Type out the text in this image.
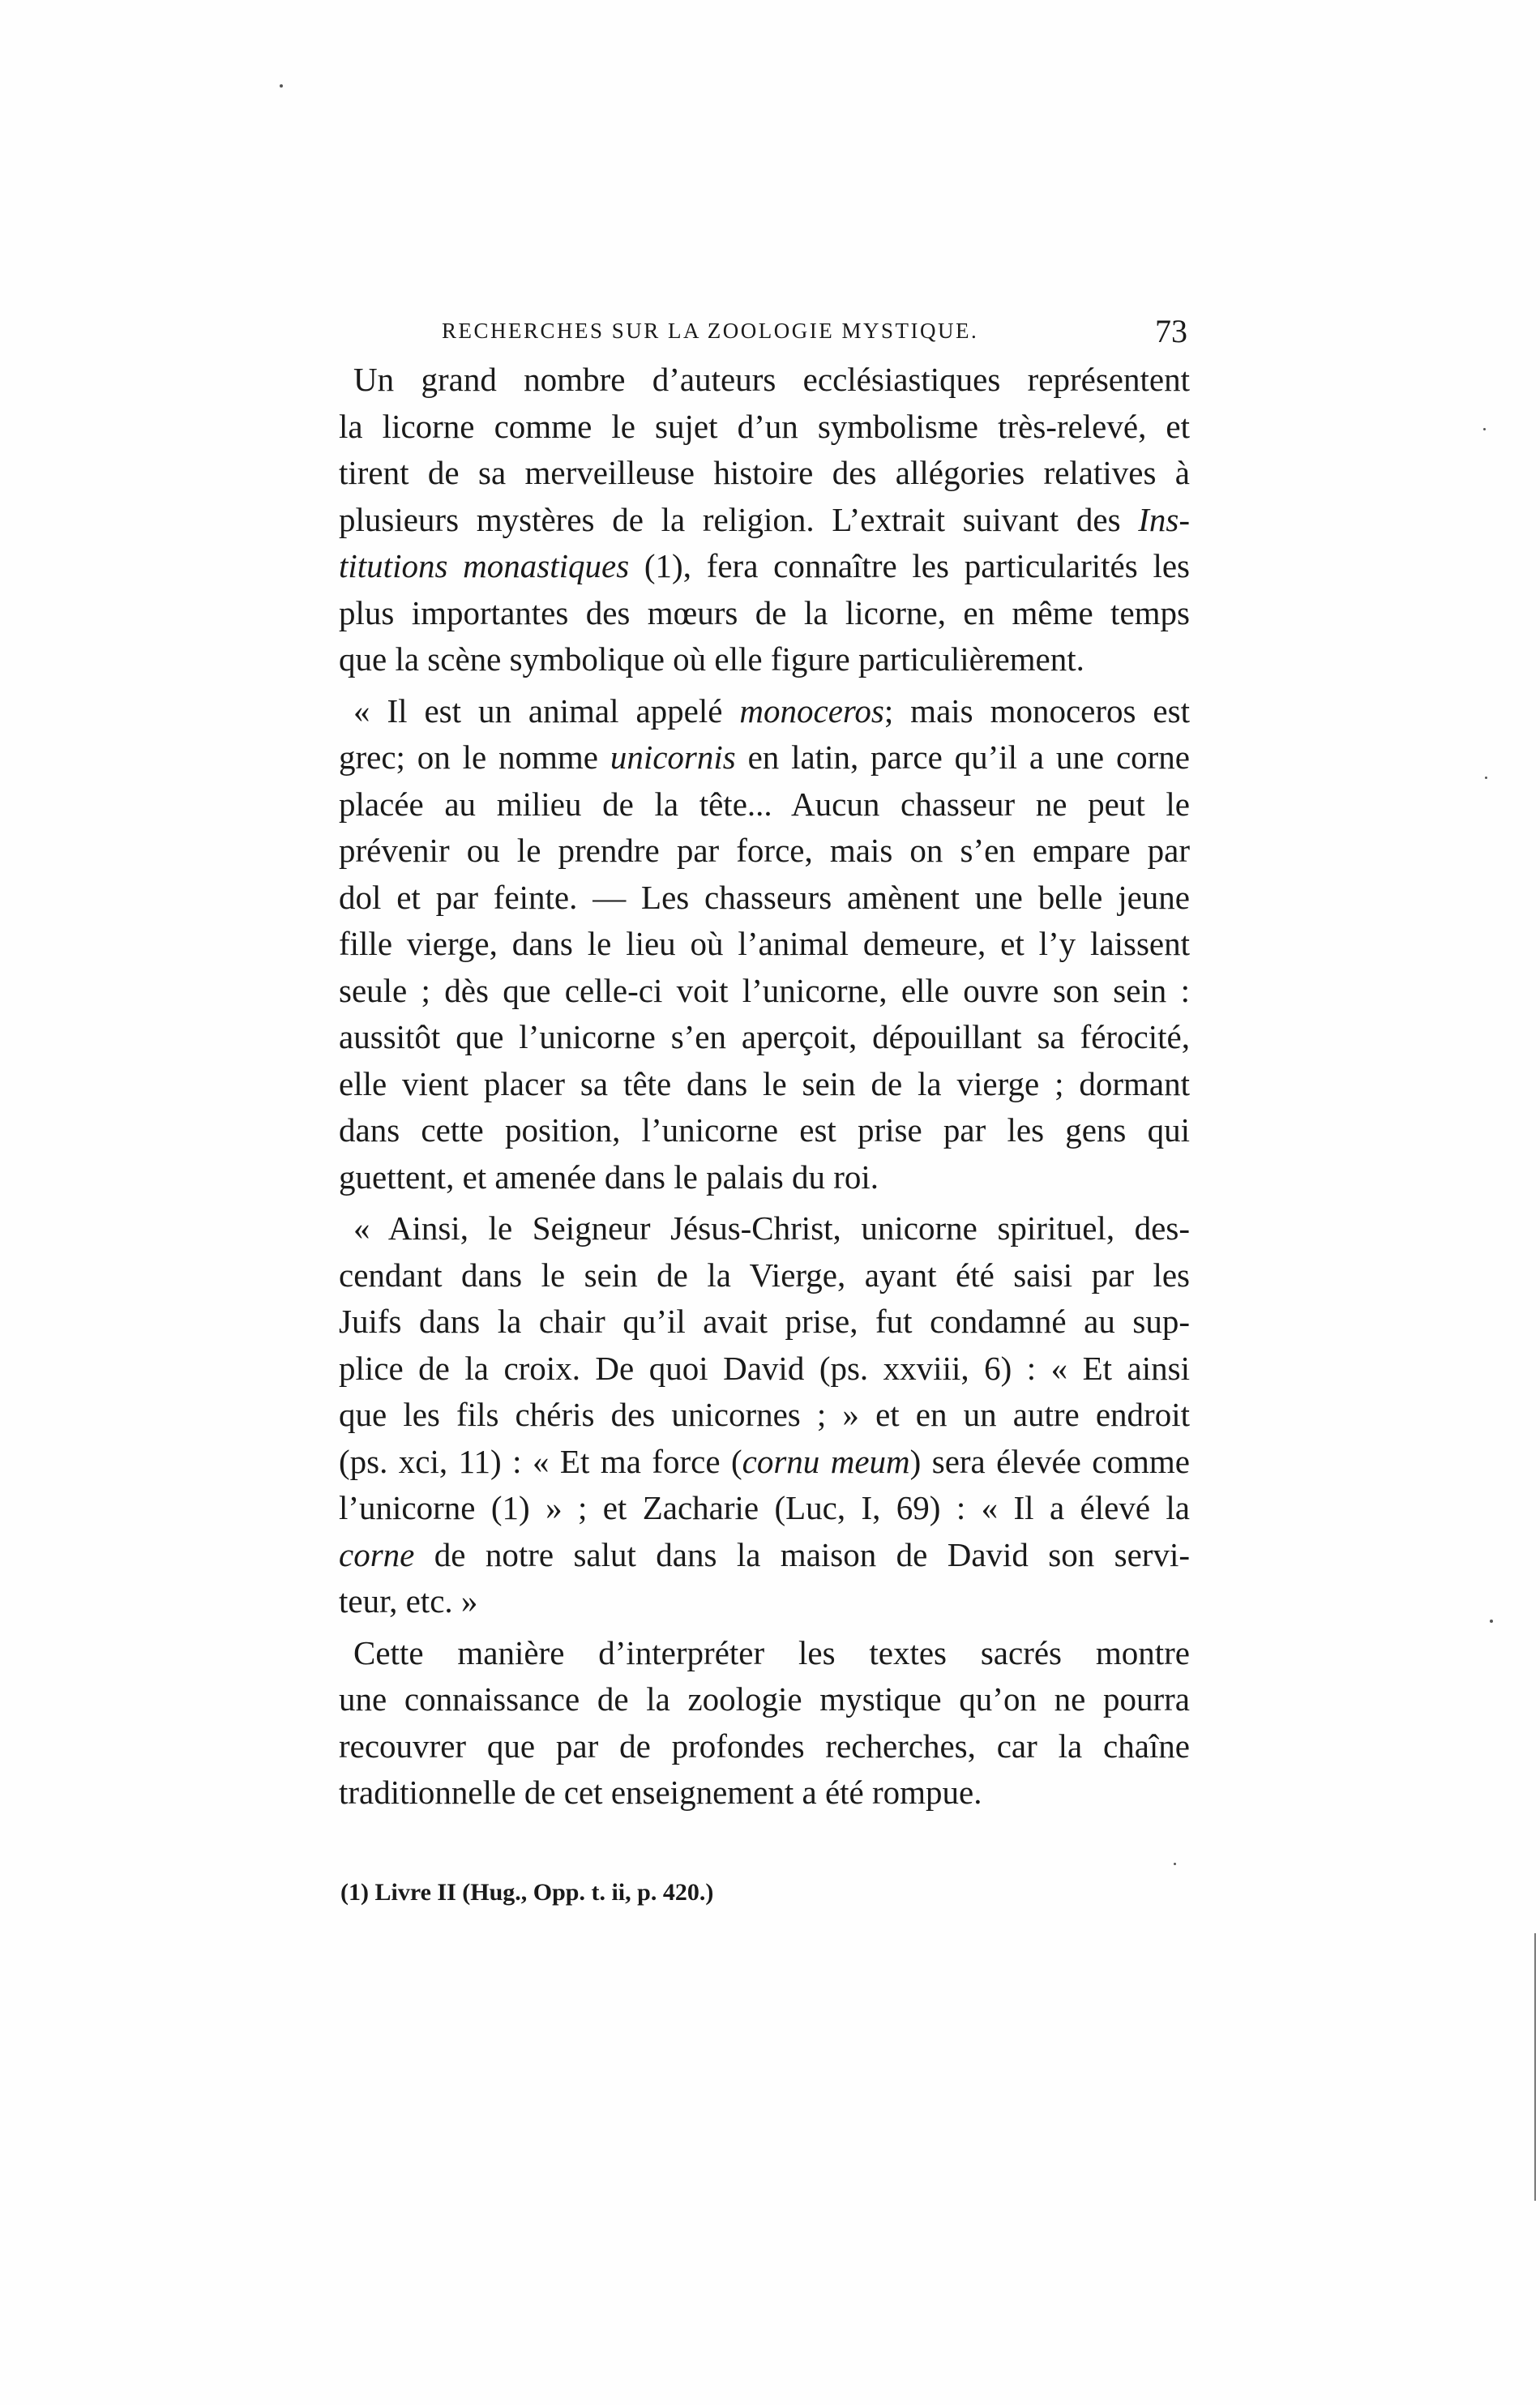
RECHERCHES SUR LA ZOOLOGIE MYSTIQUE.	73
Un grand nombre d’auteurs ecclésiastiques représentent
la licorne comme le sujet d’un symbolisme très-relevé, et
tirent de sa merveilleuse histoire des allégories relatives à
plusieurs mystères de la religion. L’extrait suivant des Ins-
titutions monastiques (1), fera connaître les particularités les
plus importantes des mœurs de la licorne, en même temps
que la scène symbolique où elle figure particulièrement.
« Il est un animal appelé monoceros; mais monoceros est
grec; on le nomme unicornis en latin, parce qu’il a une corne
placée au milieu de la tête... Aucun chasseur ne peut le
prévenir ou le prendre par force, mais on s’en empare par
dol et par feinte. — Les chasseurs amènent une belle jeune
fille vierge, dans le lieu où l’animal demeure, et l’y laissent
seule ; dès que celle-ci voit l’unicorne, elle ouvre son sein :
aussitôt que l’unicorne s’en aperçoit, dépouillant sa férocité,
elle vient placer sa tête dans le sein de la vierge ; dormant
dans cette position, l’unicorne est prise par les gens qui
guettent, et amenée dans le palais du roi.
« Ainsi, le Seigneur Jésus-Christ, unicorne spirituel, des-
cendant dans le sein de la Vierge, ayant été saisi par les
Juifs dans la chair qu’il avait prise, fut condamné au sup-
plice de la croix. De quoi David (ps. xxviii, 6) : « Et ainsi
que les fils chéris des unicornes ; » et en un autre endroit
(ps. xci, 11) : « Et ma force (cornu meum) sera élevée comme
l’unicorne (1) » ; et Zacharie (Luc, I, 69) : « Il a élevé la
corne de notre salut dans la maison de David son servi-
teur, etc. »
Cette manière d’interpréter les textes sacrés montre
une connaissance de la zoologie mystique qu’on ne pourra
recouvrer que par de profondes recherches, car la chaîne
traditionnelle de cet enseignement a été rompue.
(1) Livre II (Hug., Opp. t. ii, p. 420.)
